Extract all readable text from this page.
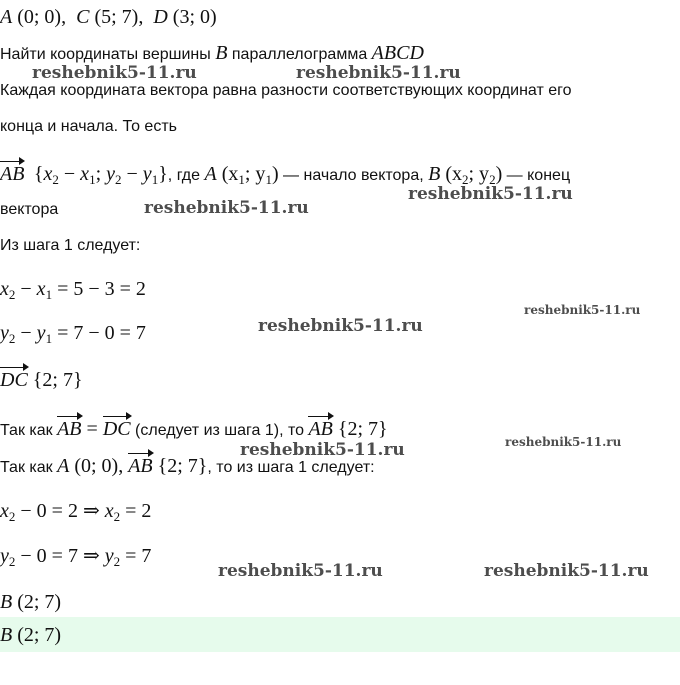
A (0; 0),  C (5; 7),  D (3; 0)
Найти координаты вершины B параллелограмма ABCD
Каждая координата вектора равна разности соответствующих координат его
конца и начала. То есть
AB {$x_2 - x_1$; $y_2 - y_1$}, где A ($x_1$; $y_1$) — начало вектора, B ($x_2$; $y_2$) — конец
вектора
Из шага 1 следует:
$x_2 - x_1 = 5 - 3 = 2$
$y_2 - y_1 = 7 - 0 = 7$
DC {2; 7}
Так как AB = DC (следует из шага 1), то AB {2; 7}
Так как A (0; 0), AB {2; 7}, то из шага 1 следует:
$x_2 - 0 = 2$ ⇒ $x_2 = 2$
$y_2 - 0 = 7$ ⇒ $y_2 = 7$
B (2; 7)
B (2; 7)
reshebnik5-11.ru	reshebnik5-11.ru
reshebnik5-11.ru
reshebnik5-11.ru
reshebnik5-11.ru
reshebnik5-11.ru
reshebnik5-11.ru
reshebnik5-11.ru
reshebnik5-11.ru	reshebnik5-11.ru
